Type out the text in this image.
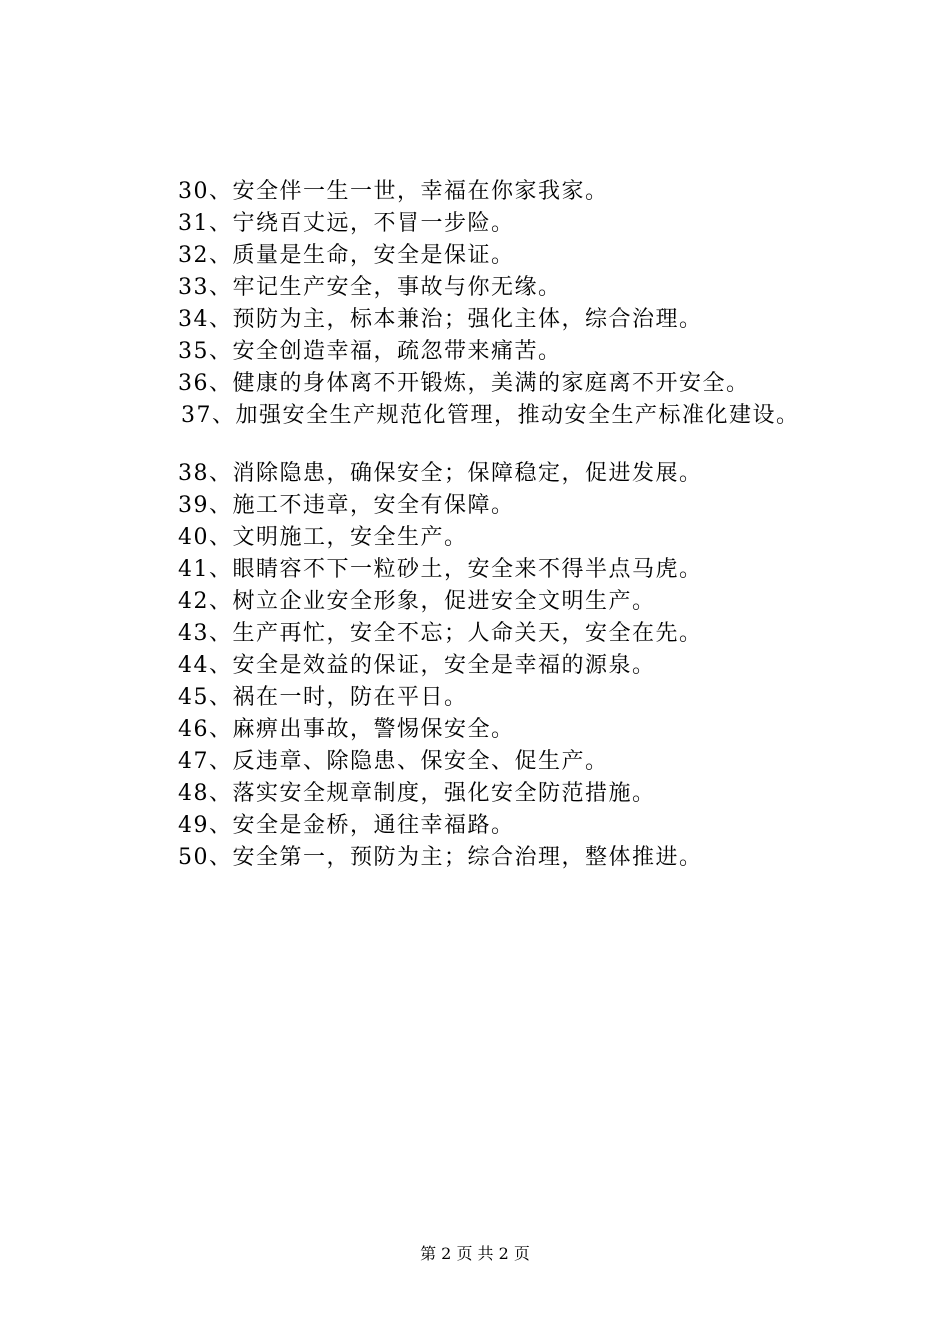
30、安全伴一生一世，幸福在你家我家。
31、宁绕百丈远，不冒一步险。
32、质量是生命，安全是保证。
33、牢记生产安全，事故与你无缘。
34、预防为主，标本兼治；强化主体，综合治理。
35、安全创造幸福，疏忽带来痛苦。
36、健康的身体离不开锻炼，美满的家庭离不开安全。
37、加强安全生产规范化管理，推动安全生产标准化建设。
38、消除隐患，确保安全；保障稳定，促进发展。
39、施工不违章，安全有保障。
40、文明施工，安全生产。
41、眼睛容不下一粒砂土，安全来不得半点马虎。
42、树立企业安全形象，促进安全文明生产。
43、生产再忙，安全不忘；人命关天，安全在先。
44、安全是效益的保证，安全是幸福的源泉。
45、祸在一时，防在平日。
46、麻痹出事故，警惕保安全。
47、反违章、除隐患、保安全、促生产。
48、落实安全规章制度，强化安全防范措施。
49、安全是金桥，通往幸福路。
50、安全第一，预防为主；综合治理，整体推进。
第 2 页 共 2 页
